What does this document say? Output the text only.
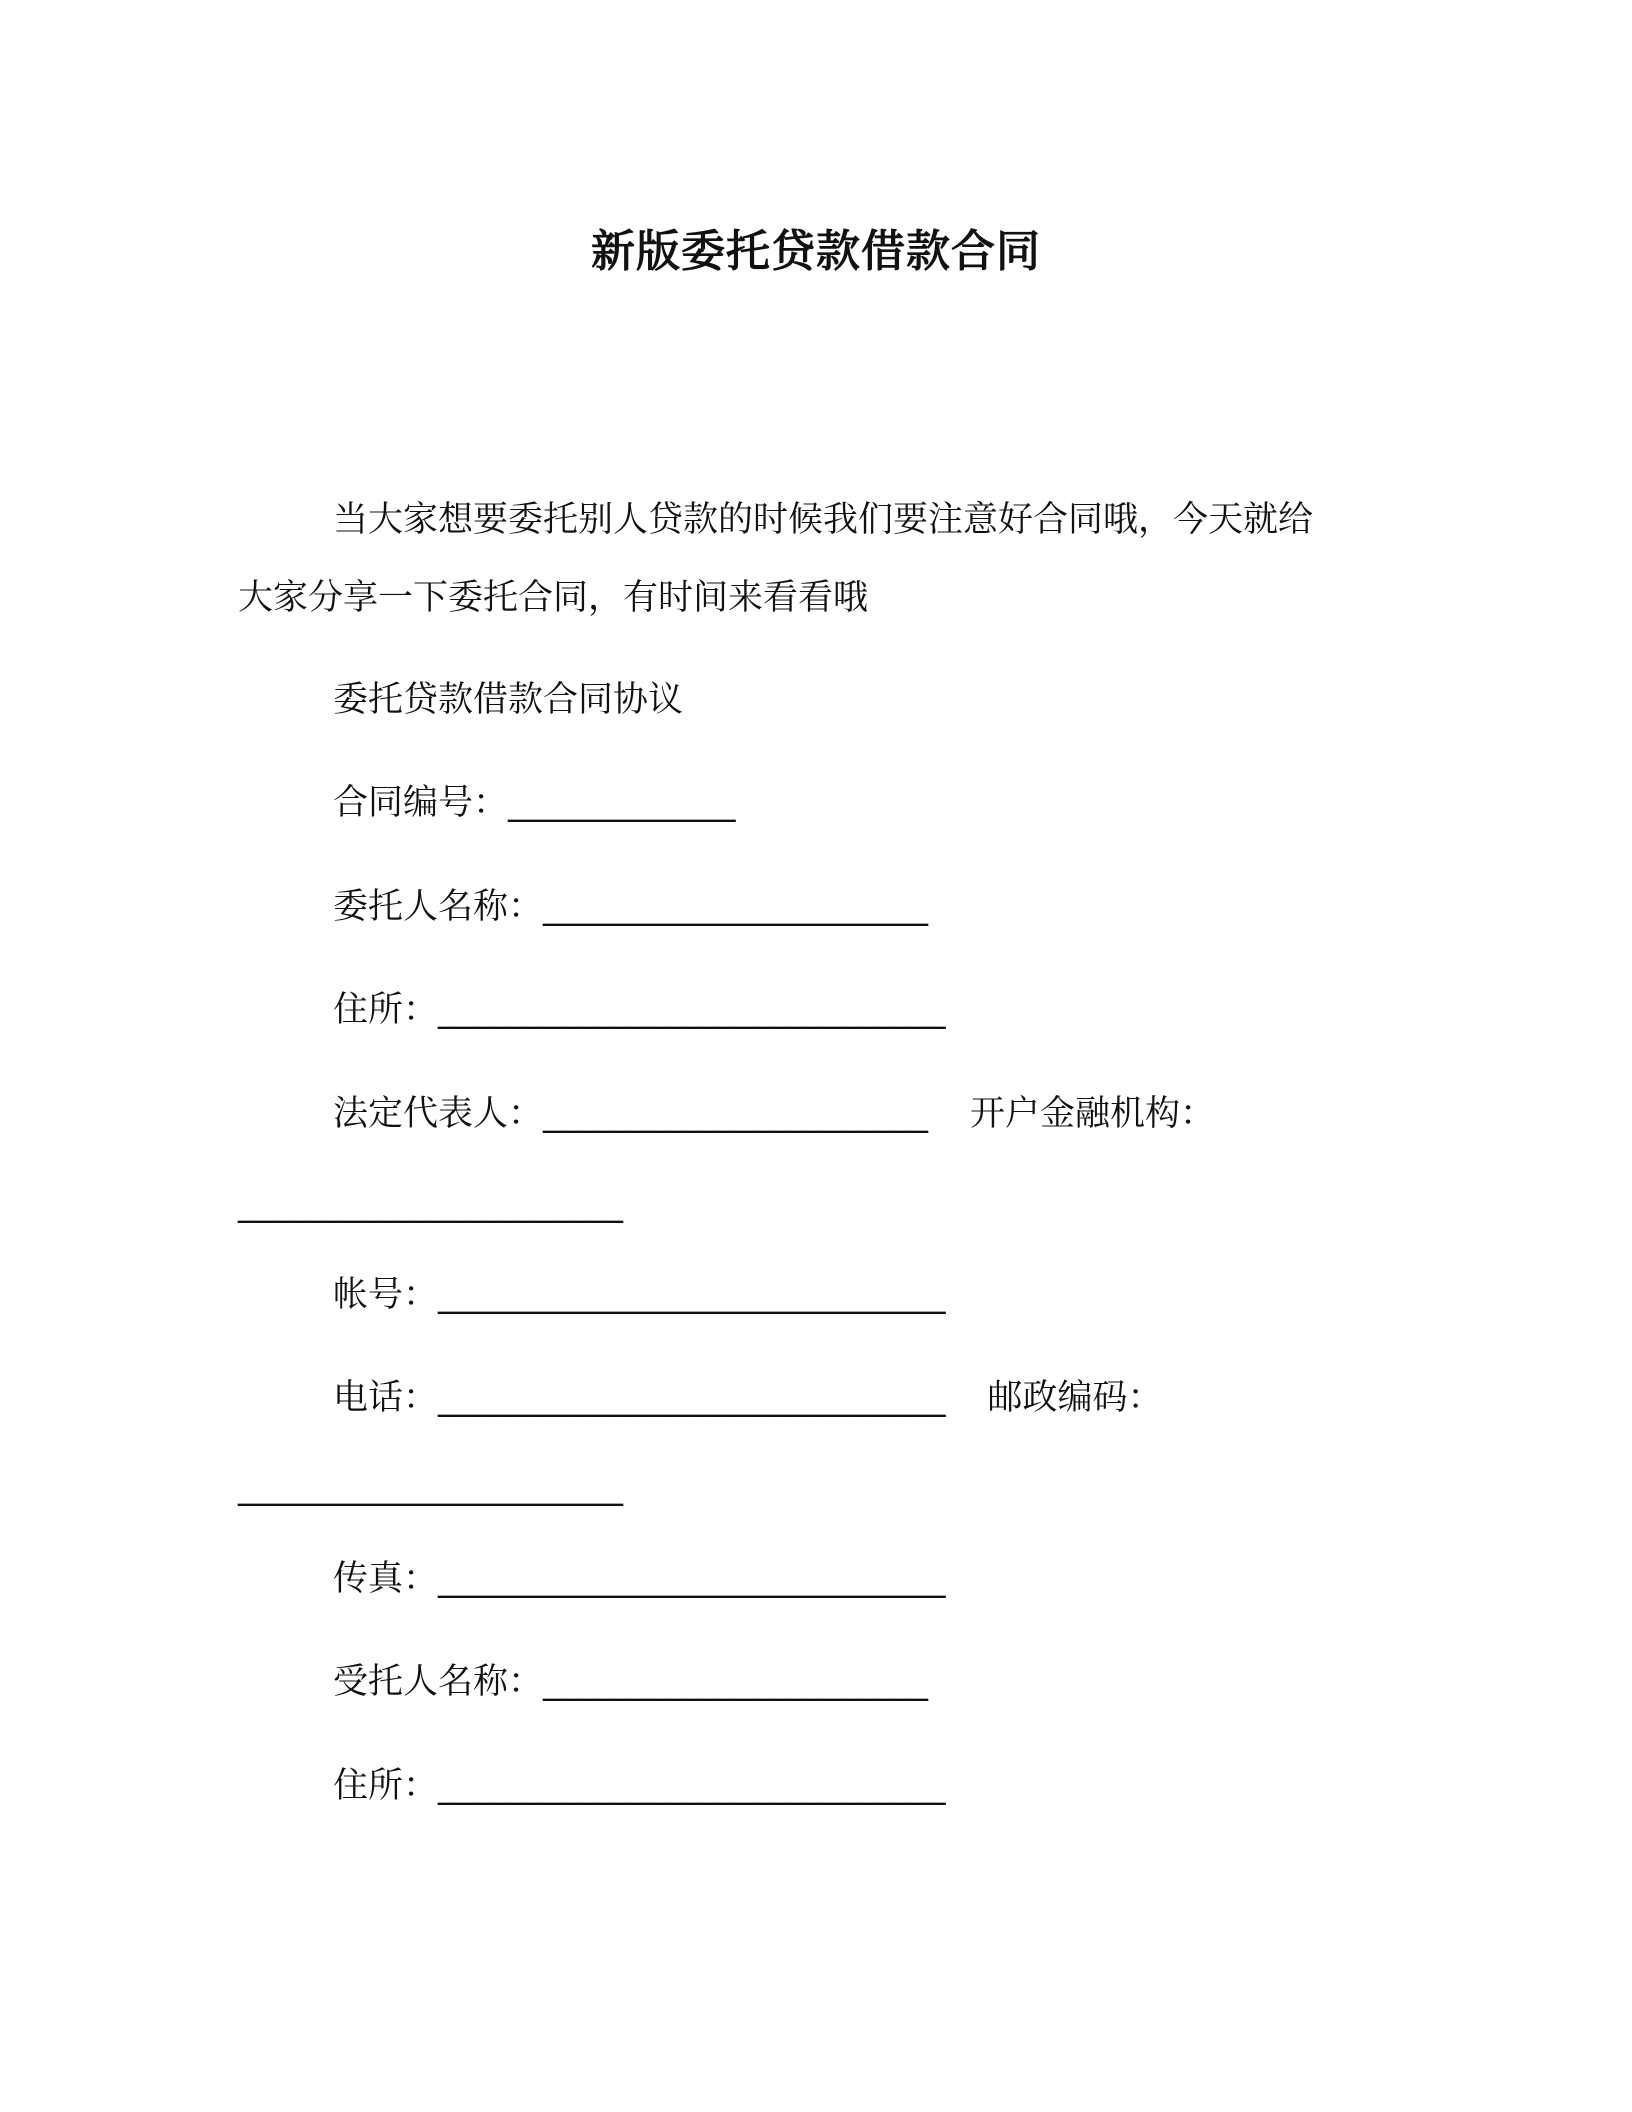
新版委托贷款借款合同
当大家想要委托别人贷款的时候我们要注意好合同哦，今天就给
大家分享一下委托合同，有时间来看看哦
委托贷款借款合同协议
合同编号：_____________
委托人名称：______________________
住所：_____________________________
法定代表人：______________________ 开户金融机构：
______________________
帐号：_____________________________
电话：_____________________________ 邮政编码：
______________________
传真：_____________________________
受托人名称：______________________
住所：_____________________________
